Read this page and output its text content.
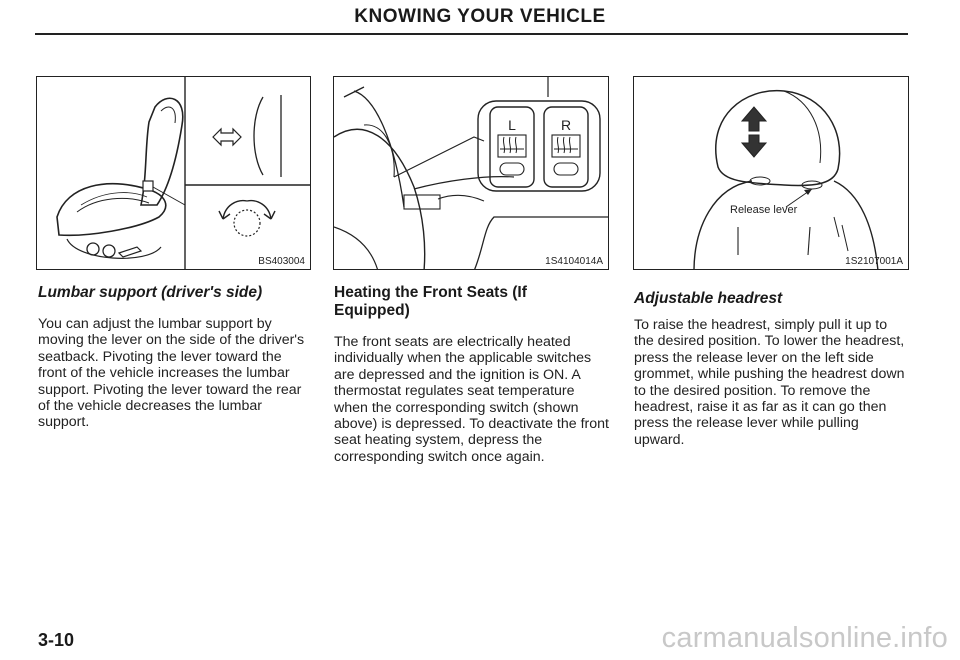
KNOWING YOUR VEHICLE
BS403004
L	R
1S4104014A
Release lever
1S2107001A

Lumbar support (driver's side)

You can adjust the lumbar support by moving the lever on the side of the driver's seatback. Pivoting the lever toward the front of the vehicle increases the lumbar support. Pivoting the lever toward the rear of the vehicle decreases the lumbar support.

Heating the Front Seats (If Equipped)

The front seats are electrically heated individually when the applicable switches are depressed and the ignition is ON. A thermostat regulates seat temperature when the corresponding switch (shown above) is depressed. To deactivate the front seat heating system, depress the corresponding switch once again.

Adjustable headrest

To raise the headrest, simply pull it up to the desired position. To lower the headrest, press the release lever on the left side grommet, while pushing the headrest down to the desired position. To remove the headrest, raise it as far as it can go then press the release lever while pulling upward.

3-10	carmanualsonline.info
